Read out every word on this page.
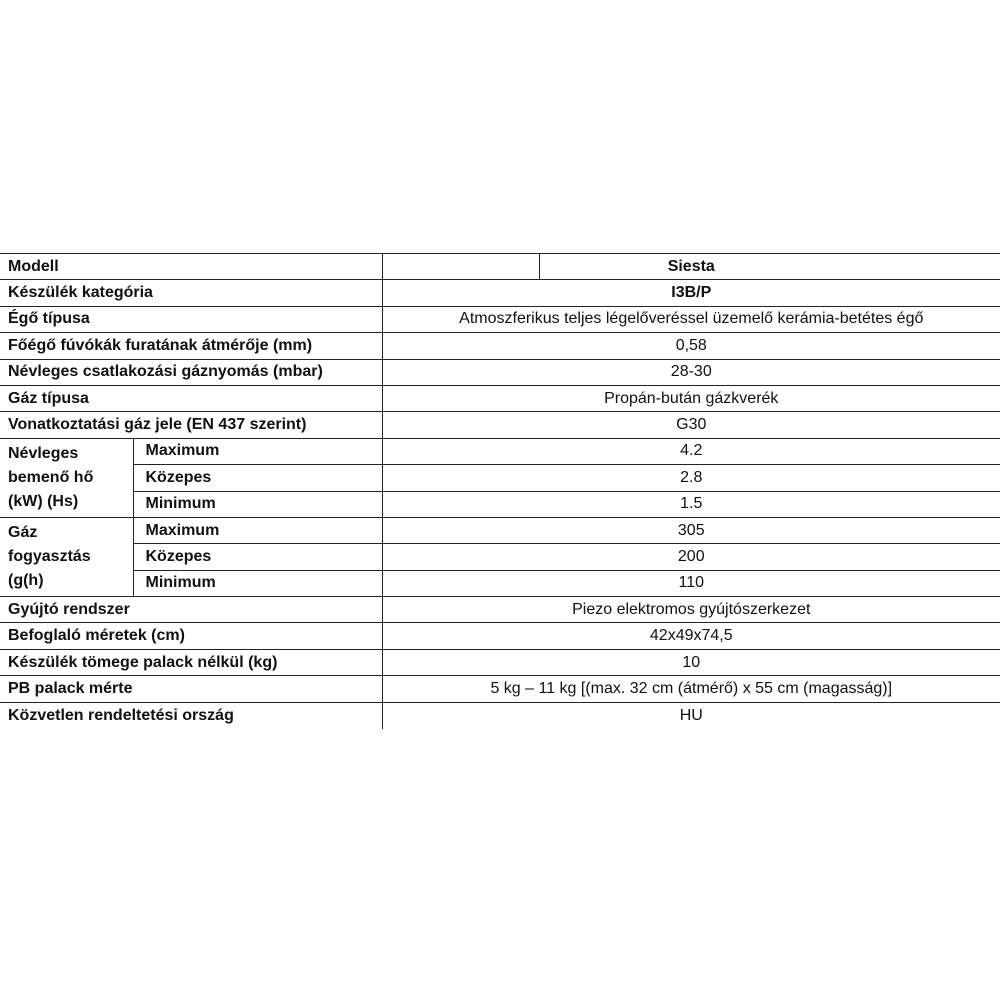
Modell		Siesta
Készülék kategória		I3B/P
Égő típusa		Atmoszferikus teljes légelőveréssel üzemelő kerámia-betétes égő
Főégő fúvókák furatának átmérője (mm)		0,58
Névleges csatlakozási gáznyomás (mbar)		28-30
Gáz típusa		Propán-bután gázkverék
Vonatkoztatási gáz jele (EN 437 szerint)		G30

Névleges
bemenő hő
(kW) (Hs)	Maximum	4.2
	Közepes	2.8
	Minimum	1.5

Gáz
fogyasztás
(g(h)	Maximum	305
	Közepes	200
	Minimum	110
Gyújtó rendszer		Piezo elektromos gyújtószerkezet
Befoglaló méretek (cm)		42x49x74,5
Készülék tömege palack nélkül (kg)		10
PB palack mérte		5 kg – 11 kg [(max. 32 cm (átmérő) x 55 cm (magasság)]
Közvetlen rendeltetési ország		HU
